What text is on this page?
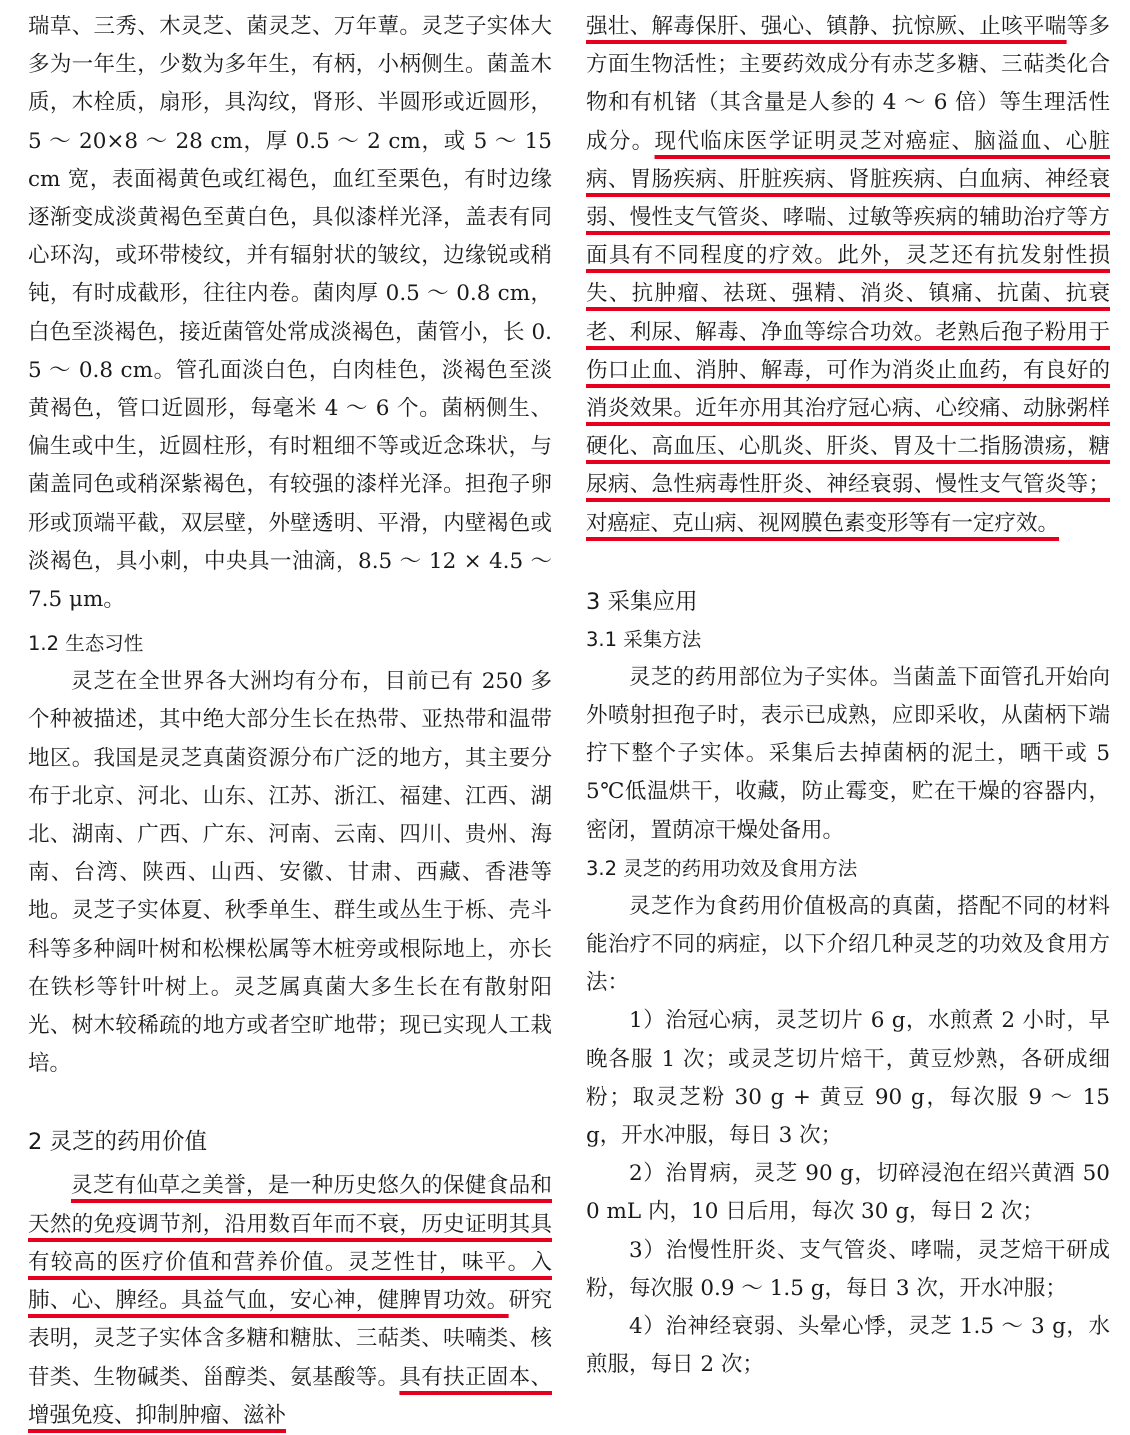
瑞草、三秀、木灵芝、菌灵芝、万年蕈。灵芝子实体大多为一年生，少数为多年生，有柄，小柄侧生。菌盖木质，木栓质，扇形，具沟纹，肾形、半圆形或近圆形，5 ～ 20×8 ～ 28 cm，厚 0.5 ～ 2 cm，或 5 ～ 15 cm 宽，表面褐黄色或红褐色，血红至栗色，有时边缘逐渐变成淡黄褐色至黄白色，具似漆样光泽，盖表有同心环沟，或环带棱纹，并有辐射状的皱纹，边缘锐或稍钝，有时成截形，往往内卷。菌肉厚 0.5 ～ 0.8 cm，白色至淡褐色，接近菌管处常成淡褐色，菌管小，长 0.5 ～ 0.8 cm。管孔面淡白色，白肉桂色，淡褐色至淡黄褐色，管口近圆形，每毫米 4 ～ 6 个。菌柄侧生、偏生或中生，近圆柱形，有时粗细不等或近念珠状，与菌盖同色或稍深紫褐色，有较强的漆样光泽。担孢子卵形或顶端平截，双层壁，外壁透明、平滑，内壁褐色或淡褐色，具小刺，中央具一油滴，8.5 ～ 12 × 4.5 ～ 7.5 μm。

1.2 生态习性

灵芝在全世界各大洲均有分布，目前已有 250 多个种被描述，其中绝大部分生长在热带、亚热带和温带地区。我国是灵芝真菌资源分布广泛的地方，其主要分布于北京、河北、山东、江苏、浙江、福建、江西、湖北、湖南、广西、广东、河南、云南、四川、贵州、海南、台湾、陕西、山西、安徽、甘肃、西藏、香港等地。灵芝子实体夏、秋季单生、群生或丛生于栎、壳斗科等多种阔叶树和松棵松属等木桩旁或根际地上，亦长在铁杉等针叶树上。灵芝属真菌大多生长在有散射阳光、树木较稀疏的地方或者空旷地带；现已实现人工栽培。

2 灵芝的药用价值

灵芝有仙草之美誉，是一种历史悠久的保健食品和天然的免疫调节剂，沿用数百年而不衰，历史证明其具有较高的医疗价值和营养价值。灵芝性甘，味平。入肺、心、脾经。具益气血，安心神，健脾胃功效。研究表明，灵芝子实体含多糖和糖肽、三萜类、呋喃类、核苷类、生物碱类、甾醇类、氨基酸等。具有扶正固本、增强免疫、抑制肿瘤、滋补

强壮、解毒保肝、强心、镇静、抗惊厥、止咳平喘等多方面生物活性；主要药效成分有赤芝多糖、三萜类化合物和有机锗（其含量是人参的 4 ～ 6 倍）等生理活性成分。现代临床医学证明灵芝对癌症、脑溢血、心脏病、胃肠疾病、肝脏疾病、肾脏疾病、白血病、神经衰弱、慢性支气管炎、哮喘、过敏等疾病的辅助治疗等方面具有不同程度的疗效。此外，灵芝还有抗发射性损失、抗肿瘤、祛斑、强精、消炎、镇痛、抗菌、抗衰老、利尿、解毒、净血等综合功效。老熟后孢子粉用于伤口止血、消肿、解毒，可作为消炎止血药，有良好的消炎效果。近年亦用其治疗冠心病、心绞痛、动脉粥样硬化、高血压、心肌炎、肝炎、胃及十二指肠溃疡，糖尿病、急性病毒性肝炎、神经衰弱、慢性支气管炎等；对癌症、克山病、视网膜色素变形等有一定疗效。

3 采集应用

3.1 采集方法

灵芝的药用部位为子实体。当菌盖下面管孔开始向外喷射担孢子时，表示已成熟，应即采收，从菌柄下端拧下整个子实体。采集后去掉菌柄的泥土，晒干或 55℃低温烘干，收藏，防止霉变，贮在干燥的容器内，密闭，置荫凉干燥处备用。

3.2 灵芝的药用功效及食用方法

灵芝作为食药用价值极高的真菌，搭配不同的材料能治疗不同的病症，以下介绍几种灵芝的功效及食用方法：

1）治冠心病，灵芝切片 6 g，水煎煮 2 小时，早晚各服 1 次；或灵芝切片焙干，黄豆炒熟，各研成细粉；取灵芝粉 30 g + 黄豆 90 g，每次服 9 ～ 15 g，开水冲服，每日 3 次；

2）治胃病，灵芝 90 g，切碎浸泡在绍兴黄酒 500 mL 内，10 日后用，每次 30 g，每日 2 次；

3）治慢性肝炎、支气管炎、哮喘，灵芝焙干研成粉，每次服 0.9 ～ 1.5 g，每日 3 次，开水冲服；

4）治神经衰弱、头晕心悸，灵芝 1.5 ～ 3 g，水煎服，每日 2 次；
